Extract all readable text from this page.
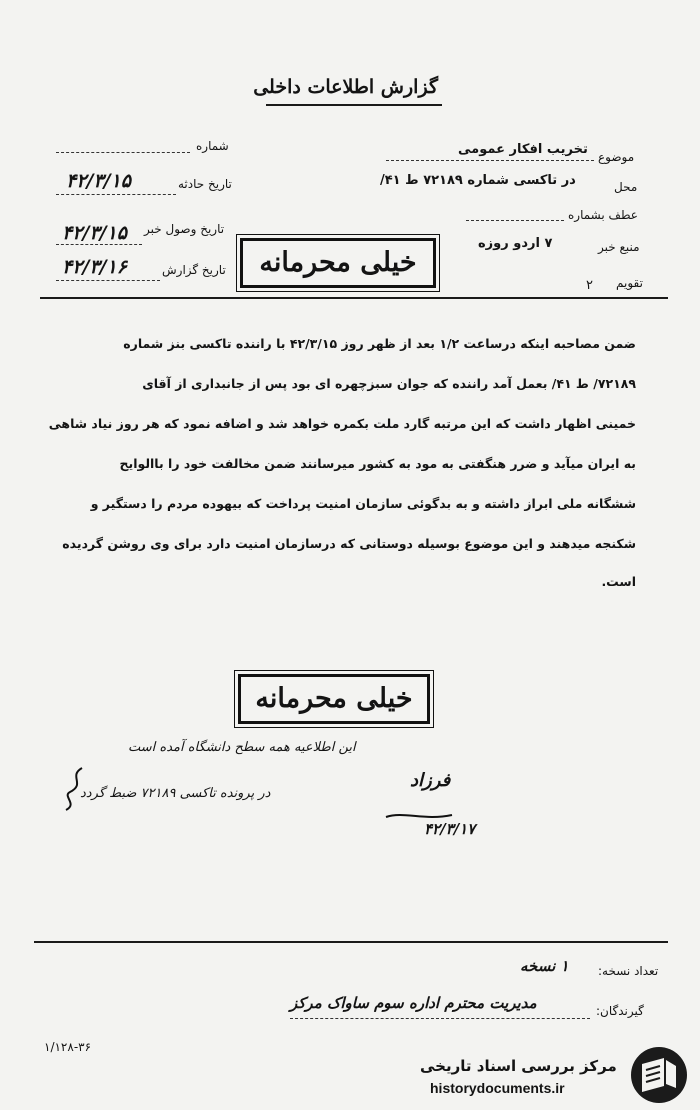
گزارش اطلاعات داخلی
شماره
تاریخ حادثه
۴۲/۳/۱۵
تاریخ وصول خبر
۴۲/۳/۱۵
تاریخ گزارش
۴۲/۳/۱۶
موضوع
تخریب افکار عمومی
محل
در تاکسی شماره ۷۲۱۸۹ ط ۴۱/
عطف بشماره
منبع خبر
۷ اردو روزه
تقویم
۲
خیلی محرمانه
ضمن مصاحبه اینکه درساعت ۱/۲ بعد از ظهر روز ۴۲/۳/۱۵ با راننده تاکسی بنز شماره
۷۲۱۸۹/ ط ۴۱/ بعمل آمد راننده که جوان سبزچهره ای بود پس از جانبداری از آقای
خمینی اظهار داشت که این مرتبه گارد ملت بکمره خواهد شد و اضافه نمود که هر روز نیاد شاهی
به ایران میآید و ضرر هنگفتی به مود به کشور میرسانند ضمن مخالفت خود را باالوایح
ششگانه ملی ابراز داشته و به بدگوئی سازمان امنیت پرداخت که بیهوده مردم را دستگیر و
شکنجه میدهند و این موضوع بوسیله دوستانی که درسازمان امنیت دارد برای وی روشن گردیده
است.
خیلی محرمانه
این اطلاعیه همه سطح دانشگاه آمده است
در پرونده تاکسی ۷۲۱۸۹ ضبط گردد
فرزاد
۴۲/۳/۱۷
تعداد نسخه:
۱ نسخه
گیرندگان:
مدیریت محترم اداره سوم ساواک مرکز
۱/۱۲۸-۳۶
مرکز بررسی اسناد تاریخی
historydocuments.ir
